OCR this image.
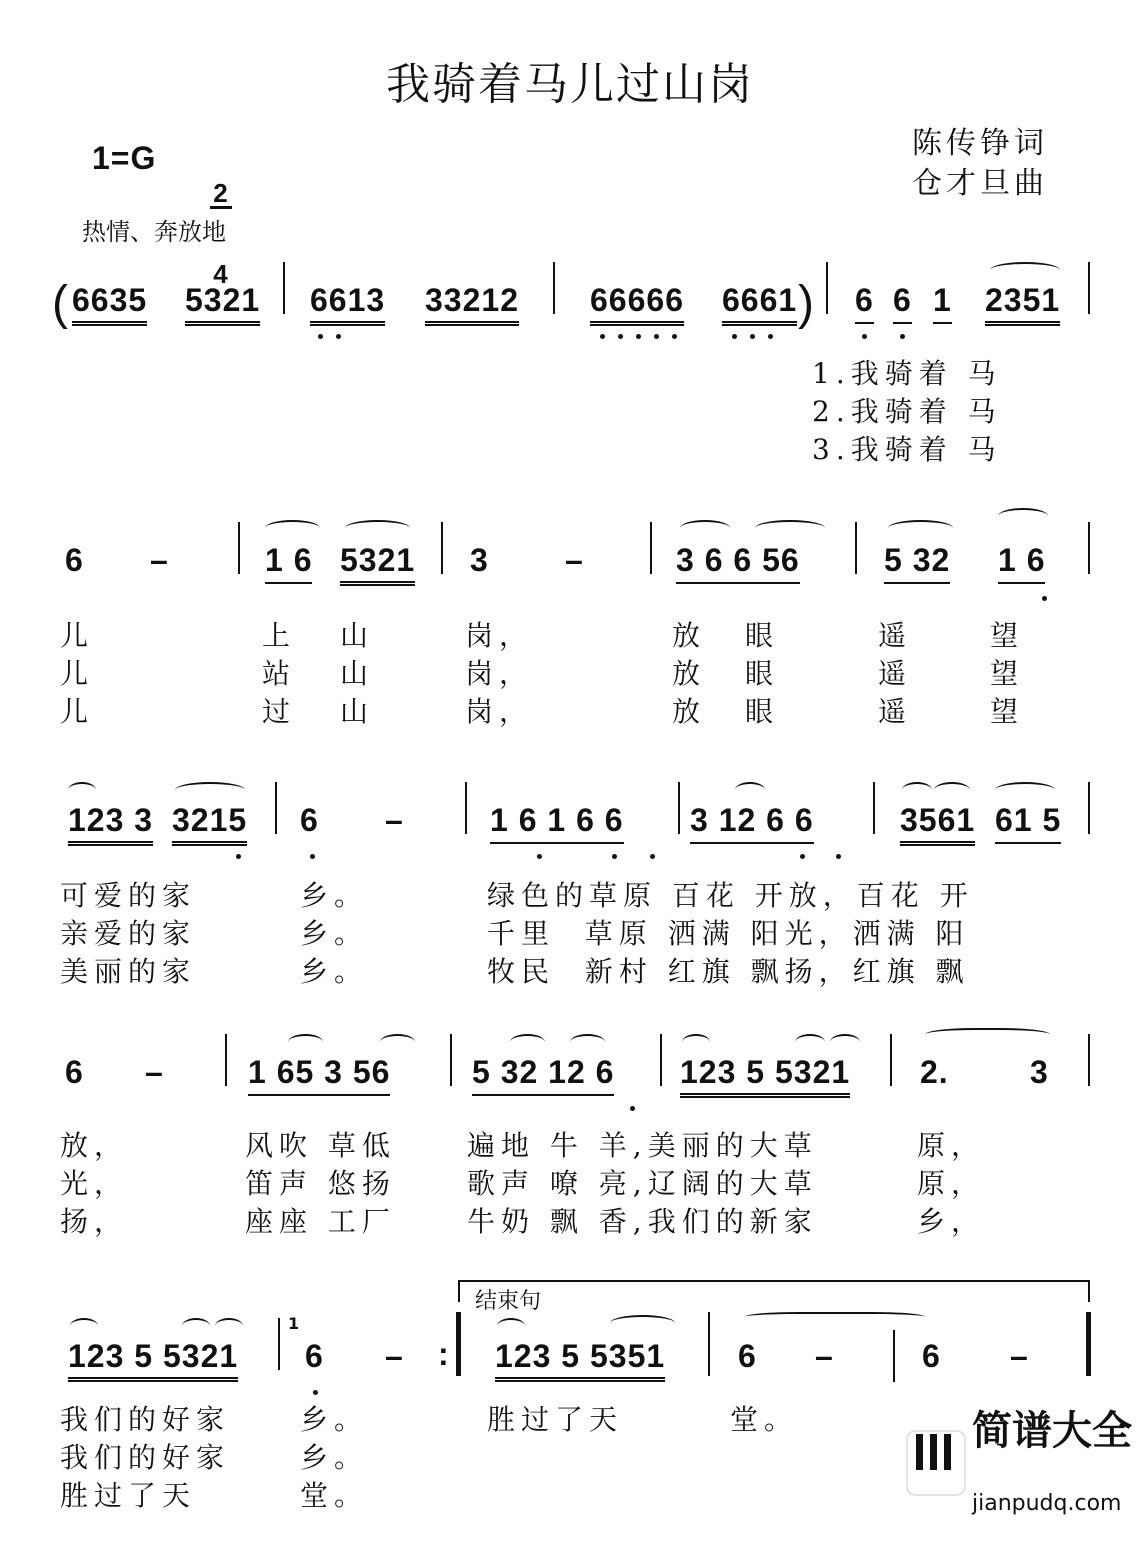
我骑着马儿过山岗
1=G

2

4

陈传铮词
仓才旦曲
热情、奔放地
( 6635 5321 6613 33212 66666 6661 ) 6 6 1 2351
1.我骑着 马
2.我骑着 马
3.我骑着 马
6 –	1 6 5321 3 –	3 6 6 56	5 32 1 6
儿	上 山	岗，	放 眼	遥	望
儿	站 山	岗，	放 眼	遥	望
儿	过 山	岗，	放 眼	遥	望
123 3 3215 6 –	1 6 1 6 6 3 12 6 6	3561 61 5
可爱的家	乡。	绿色的草原 百花 开放，百花 开
亲爱的家	乡。	千里  草原 洒满 阳光，洒满 阳
美丽的家	乡。	牧民  新村 红旗 飘扬，红旗 飘
6 –	1 65 3 56	5 32 12 6 123 5 5321 2.	3
放，	风吹 草低	遍地 牛 羊,美丽的大草	原，
光，	笛声 悠扬	歌声 嘹 亮,辽阔的大草	原，
扬，	座座 工厂	牛奶 飘 香,我们的新家	乡，
123 5 5321
1
6 – :
结束句
123 5 5351 6 –	6 –
我们的好家 乡。	胜过了天	堂。
我们的好家 乡。
胜过了天	堂。

简谱大全

jianpudq.com
